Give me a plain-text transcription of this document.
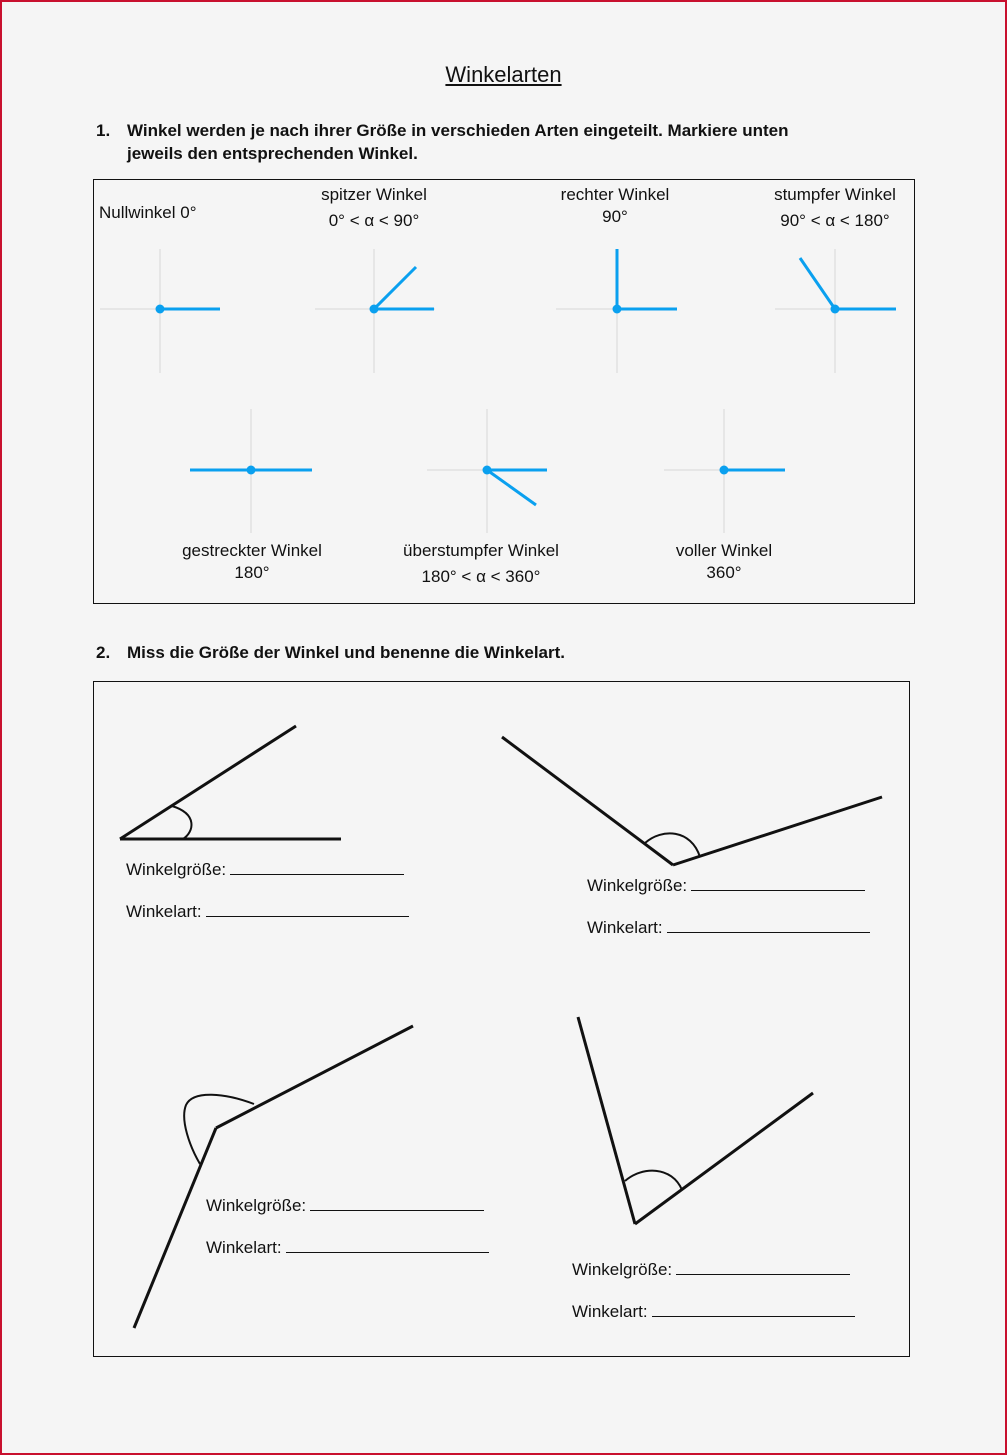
Winkelarten
1. Winkel werden je nach ihrer Größe in verschieden Arten eingeteilt. Markiere unten
jeweils den entsprechenden Winkel.
Nullwinkel 0°
spitzer Winkel
0° < α < 90°
rechter Winkel
90°
stumpfer Winkel
90° < α < 180°
gestreckter Winkel
180°
überstumpfer Winkel
180° < α < 360°
voller Winkel
360°
2. Miss die Größe der Winkel und benenne die Winkelart.
Winkelgröße:
Winkelart:
Winkelgröße:
Winkelart:
Winkelgröße:
Winkelart:
Winkelgröße:
Winkelart:
